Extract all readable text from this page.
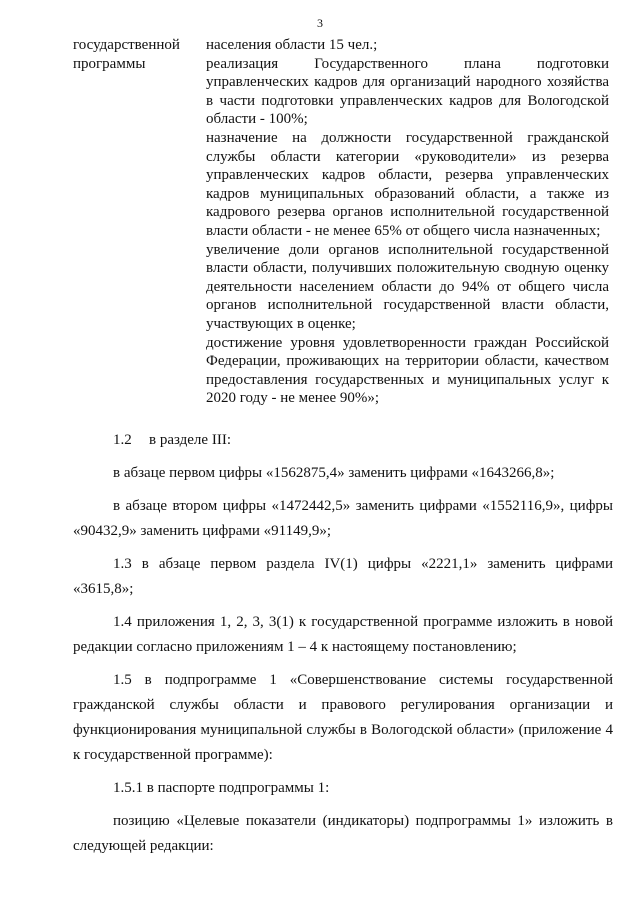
3
государственной
программы

населения области 15 чел.;

реализация Государственного плана подготовки управленческих кадров для организаций народного хозяйства в части подготовки управленческих кадров для Вологодской области - 100%;

назначение на должности государственной гражданской службы области категории «руководители» из резерва управленческих кадров области, резерва управленческих кадров муниципальных образований области, а также из кадрового резерва органов исполнительной государственной власти области - не менее 65% от общего числа назначенных;

увеличение доли органов исполнительной государственной власти области, получивших положительную сводную оценку деятельности населением области до 94% от общего числа органов исполнительной государственной власти области, участвующих в оценке;

достижение уровня удовлетворенности граждан Российской Федерации, проживающих на территории области, качеством предоставления государственных и муниципальных услуг к 2020 году - не менее 90%»;

1.2	в разделе III:

в абзаце первом цифры «1562875,4» заменить цифрами «1643266,8»;

в абзаце втором цифры «1472442,5» заменить цифрами «1552116,9», цифры «90432,9» заменить цифрами «91149,9»;

1.3 в абзаце первом раздела IV(1) цифры «2221,1» заменить цифрами «3615,8»;

1.4 приложения 1, 2, 3, 3(1) к государственной программе изложить в новой редакции согласно приложениям 1 – 4 к настоящему постановлению;

1.5 в подпрограмме 1 «Совершенствование системы государственной гражданской службы области и правового регулирования организации и функционирования муниципальной службы в Вологодской области» (приложение 4 к государственной программе):

1.5.1 в паспорте подпрограммы 1:

позицию «Целевые показатели (индикаторы) подпрограммы 1» изложить в следующей редакции:
